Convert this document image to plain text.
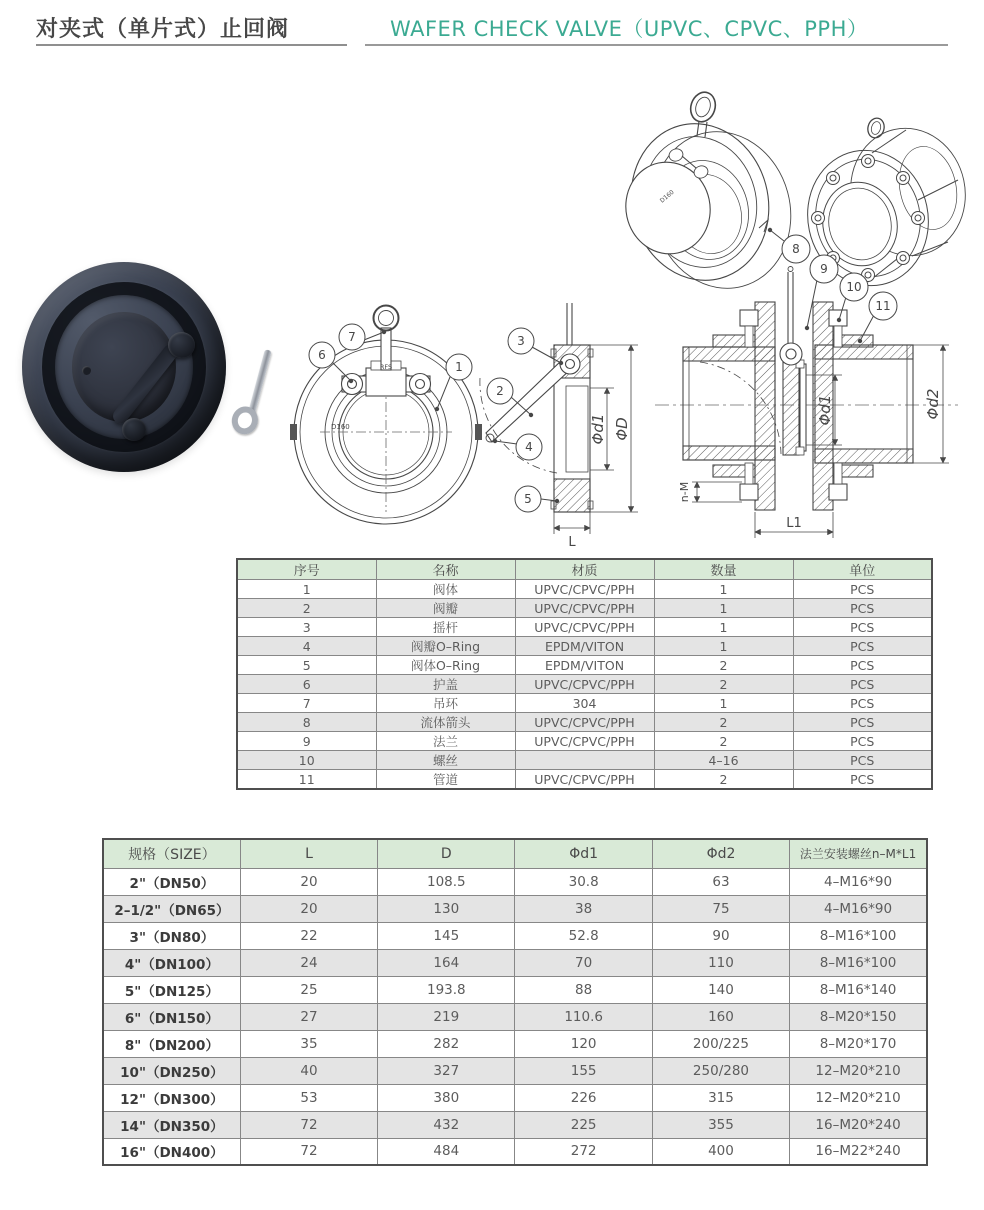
对夹式（单片式）止回阀	WAFER CHECK VALVE（UPVC、CPVC、PPH）
D160
RFS
D160	Φd1 ΦD
L
Φd1	Φd2
n-M
L1
1
2
3
4
5
6
7
8
9
10
11
序号	名称	材质	数量	单位
1	阀体	UPVC/CPVC/PPH	1	PCS
2	阀瓣	UPVC/CPVC/PPH	1	PCS
3	摇杆	UPVC/CPVC/PPH	1	PCS
4	阀瓣O–Ring	EPDM/VITON	1	PCS
5	阀体O–Ring	EPDM/VITON	2	PCS
6	护盖	UPVC/CPVC/PPH	2	PCS
7	吊环	304	1	PCS
8	流体箭头	UPVC/CPVC/PPH	2	PCS
9	法兰	UPVC/CPVC/PPH	2	PCS
10	螺丝		4–16	PCS
11	管道	UPVC/CPVC/PPH	2	PCS
规格（SIZE）	L	D	Φd1	Φd2	法兰安装螺丝n–M*L1
2"（DN50）	20	108.5	30.8	63	4–M16*90
2–1/2"（DN65）	20	130	38	75	4–M16*90
3"（DN80）	22	145	52.8	90	8–M16*100
4"（DN100）	24	164	70	110	8–M16*100
5"（DN125）	25	193.8	88	140	8–M16*140
6"（DN150）	27	219	110.6	160	8–M20*150
8"（DN200）	35	282	120	200/225	8–M20*170
10"（DN250）	40	327	155	250/280	12–M20*210
12"（DN300）	53	380	226	315	12–M20*210
14"（DN350）	72	432	225	355	16–M20*240
16"（DN400）	72	484	272	400	16–M22*240
